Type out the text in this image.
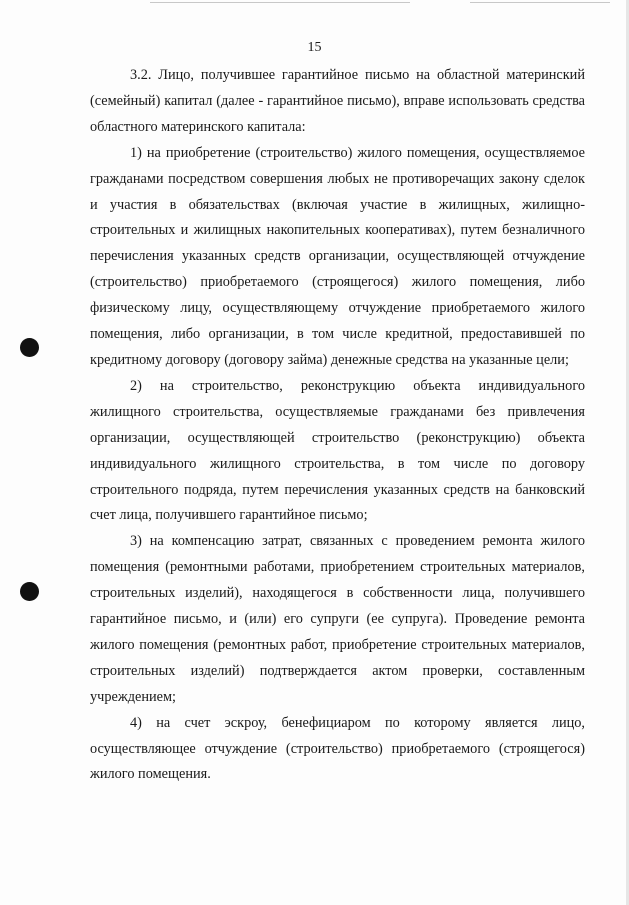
15

3.2. Лицо, получившее гарантийное письмо на областной материнский (семейный) капитал (далее - гарантийное письмо), вправе использовать средства областного материнского капитала:

1) на приобретение (строительство) жилого помещения, осуществляемое гражданами посредством совершения любых не противоречащих закону сделок и участия в обязательствах (включая участие в жилищных, жилищно-строительных и жилищных накопительных кооперативах), путем безналичного перечисления указанных средств организации, осуществляющей отчуждение (строительство) приобретаемого (строящегося) жилого помещения, либо физическому лицу, осуществляющему отчуждение приобретаемого жилого помещения, либо организации, в том числе кредитной, предоставившей по кредитному договору (договору займа) денежные средства на указанные цели;

2) на строительство, реконструкцию объекта индивидуального жилищного строительства, осуществляемые гражданами без привлечения организации, осуществляющей строительство (реконструкцию) объекта индивидуального жилищного строительства, в том числе по договору строительного подряда, путем перечисления указанных средств на банковский счет лица, получившего гарантийное письмо;

3) на компенсацию затрат, связанных с проведением ремонта жилого помещения (ремонтными работами, приобретением строительных материалов, строительных изделий), находящегося в собственности лица, получившего гарантийное письмо, и (или) его супруги (ее супруга). Проведение ремонта жилого помещения (ремонтных работ, приобретение строительных материалов, строительных изделий) подтверждается актом проверки, составленным учреждением;

4) на счет эскроу, бенефициаром по которому является лицо, осуществляющее отчуждение (строительство) приобретаемого (строящегося) жилого помещения.
